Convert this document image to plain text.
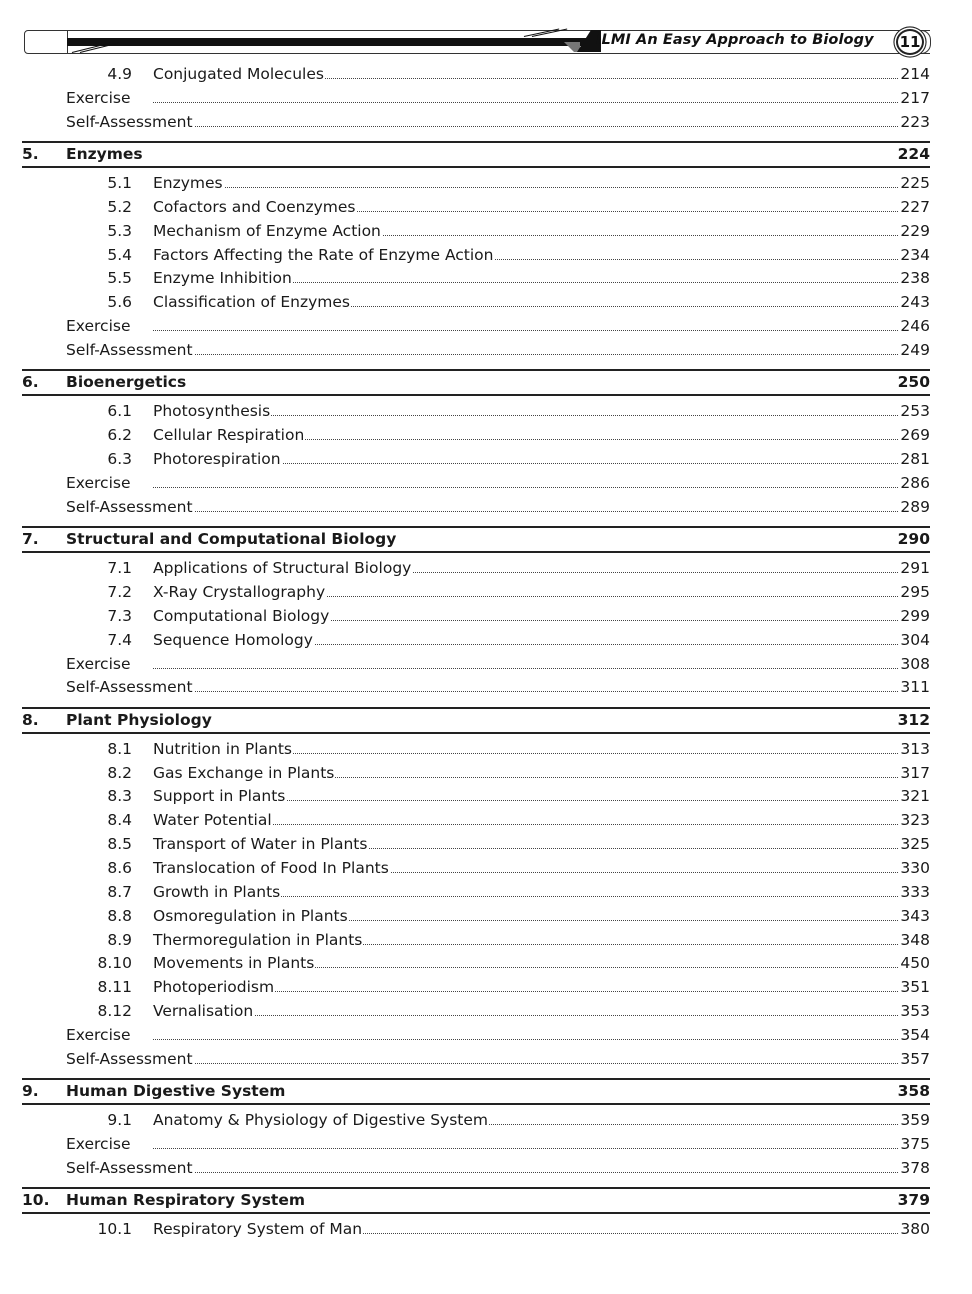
ILMI An Easy Approach to Biology 11
4.9 Conjugated Molecules	214
Exercise	217
Self-Assessment	223
5. Enzymes	224
5.1 Enzymes	225
5.2 Cofactors and Coenzymes	227
5.3 Mechanism of Enzyme Action	229
5.4 Factors Affecting the Rate of Enzyme Action	234
5.5 Enzyme Inhibition	238
5.6 Classification of Enzymes	243
Exercise	246
Self-Assessment	249
6. Bioenergetics	250
6.1 Photosynthesis	253
6.2 Cellular Respiration	269
6.3 Photorespiration	281
Exercise	286
Self-Assessment	289
7. Structural and Computational Biology	290
7.1 Applications of Structural Biology	291
7.2 X-Ray Crystallography	295
7.3 Computational Biology	299
7.4 Sequence Homology	304
Exercise	308
Self-Assessment	311
8. Plant Physiology	312
8.1 Nutrition in Plants	313
8.2 Gas Exchange in Plants	317
8.3 Support in Plants	321
8.4 Water Potential	323
8.5 Transport of Water in Plants	325
8.6 Translocation of Food In Plants	330
8.7 Growth in Plants	333
8.8 Osmoregulation in Plants	343
8.9 Thermoregulation in Plants	348
8.10 Movements in Plants	450
8.11 Photoperiodism	351
8.12 Vernalisation	353
Exercise	354
Self-Assessment	357
9. Human Digestive System	358
9.1 Anatomy & Physiology of Digestive System	359
Exercise	375
Self-Assessment	378
10. Human Respiratory System	379
10.1 Respiratory System of Man	380
